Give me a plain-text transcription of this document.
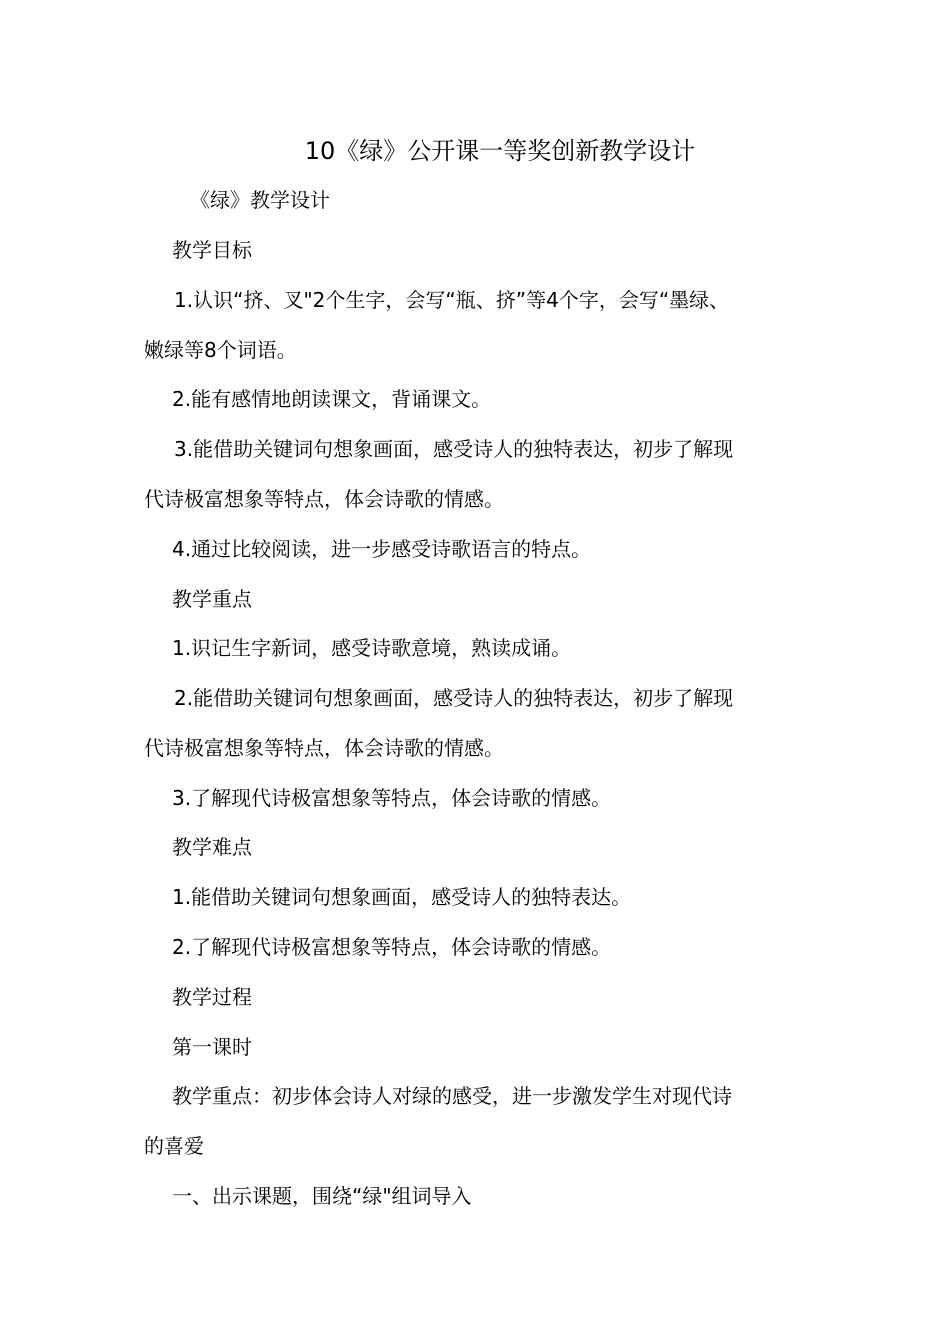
10《绿》公开课一等奖创新教学设计
《绿》教学设计
教学目标
1.认识“挤、叉"2个生字，会写“瓶、挤”等4个字，会写“墨绿、
嫩绿等8个词语。
2.能有感情地朗读课文，背诵课文。
3.能借助关键词句想象画面，感受诗人的独特表达，初步了解现
代诗极富想象等特点，体会诗歌的情感。
4.通过比较阅读，进一步感受诗歌语言的特点。
教学重点
1.识记生字新词，感受诗歌意境，熟读成诵。
2.能借助关键词句想象画面，感受诗人的独特表达，初步了解现
代诗极富想象等特点，体会诗歌的情感。
3.了解现代诗极富想象等特点，体会诗歌的情感。
教学难点
1.能借助关键词句想象画面，感受诗人的独特表达。
2.了解现代诗极富想象等特点，体会诗歌的情感。
教学过程
第一课时
教学重点：初步体会诗人对绿的感受，进一步激发学生对现代诗
的喜爱
一、出示课题，围绕“绿"组词导入
